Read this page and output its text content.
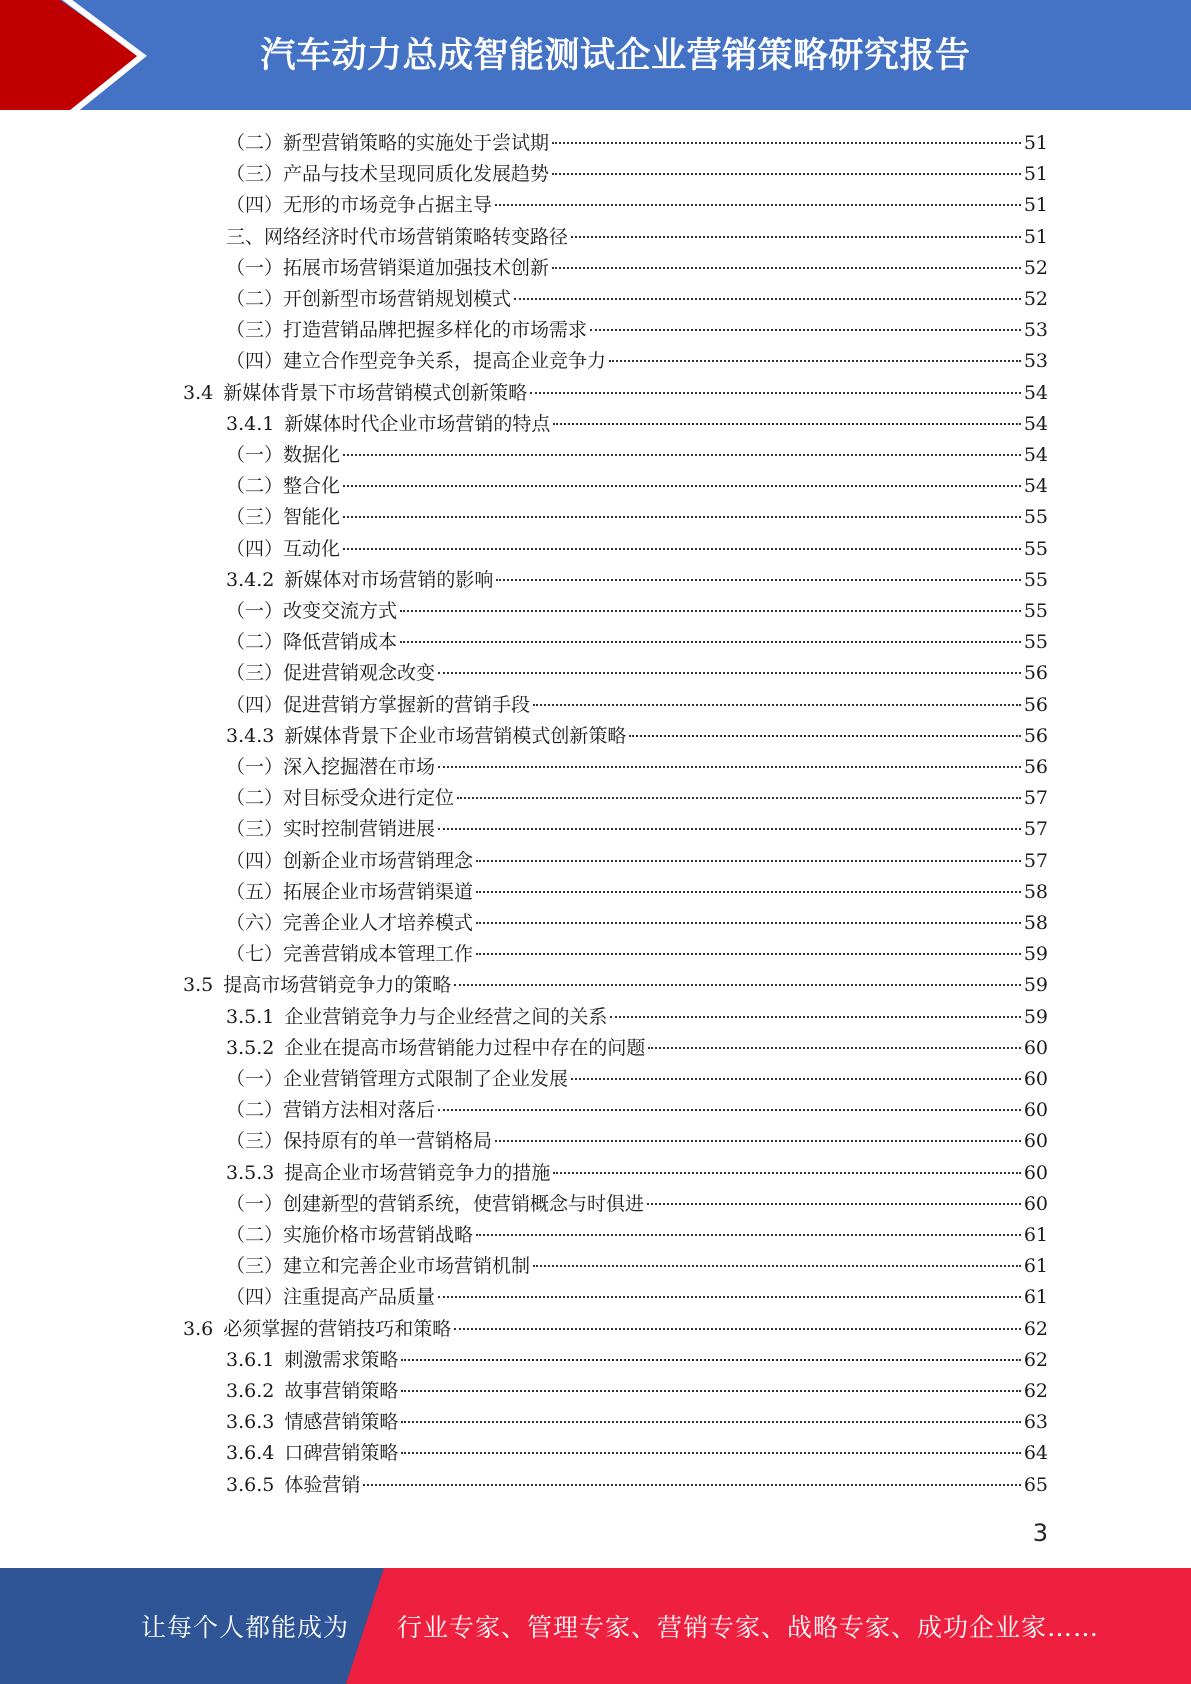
汽车动力总成智能测试企业营销策略研究报告
（二）新型营销策略的实施处于尝试期	51
（三）产品与技术呈现同质化发展趋势	51
（四）无形的市场竞争占据主导	51
三、网络经济时代市场营销策略转变路径	51
（一）拓展市场营销渠道加强技术创新	52
（二）开创新型市场营销规划模式	52
（三）打造营销品牌把握多样化的市场需求	53
（四）建立合作型竞争关系，提高企业竞争力	53
3.4 新媒体背景下市场营销模式创新策略	54
3.4.1 新媒体时代企业市场营销的特点	54
（一）数据化	54
（二）整合化	54
（三）智能化	55
（四）互动化	55
3.4.2 新媒体对市场营销的影响	55
（一）改变交流方式	55
（二）降低营销成本	55
（三）促进营销观念改变	56
（四）促进营销方掌握新的营销手段	56
3.4.3 新媒体背景下企业市场营销模式创新策略	56
（一）深入挖掘潜在市场	56
（二）对目标受众进行定位	57
（三）实时控制营销进展	57
（四）创新企业市场营销理念	57
（五）拓展企业市场营销渠道	58
（六）完善企业人才培养模式	58
（七）完善营销成本管理工作	59
3.5 提高市场营销竞争力的策略	59
3.5.1 企业营销竞争力与企业经营之间的关系	59
3.5.2 企业在提高市场营销能力过程中存在的问题	60
（一）企业营销管理方式限制了企业发展	60
（二）营销方法相对落后	60
（三）保持原有的单一营销格局	60
3.5.3 提高企业市场营销竞争力的措施	60
（一）创建新型的营销系统，使营销概念与时俱进	60
（二）实施价格市场营销战略	61
（三）建立和完善企业市场营销机制	61
（四）注重提高产品质量	61
3.6 必须掌握的营销技巧和策略	62
3.6.1 刺激需求策略	62
3.6.2 故事营销策略	62
3.6.3 情感营销策略	63
3.6.4 口碑营销策略	64
3.6.5 体验营销	65
3
让每个人都能成为 行业专家、管理专家、营销专家、战略专家、成功企业家……
